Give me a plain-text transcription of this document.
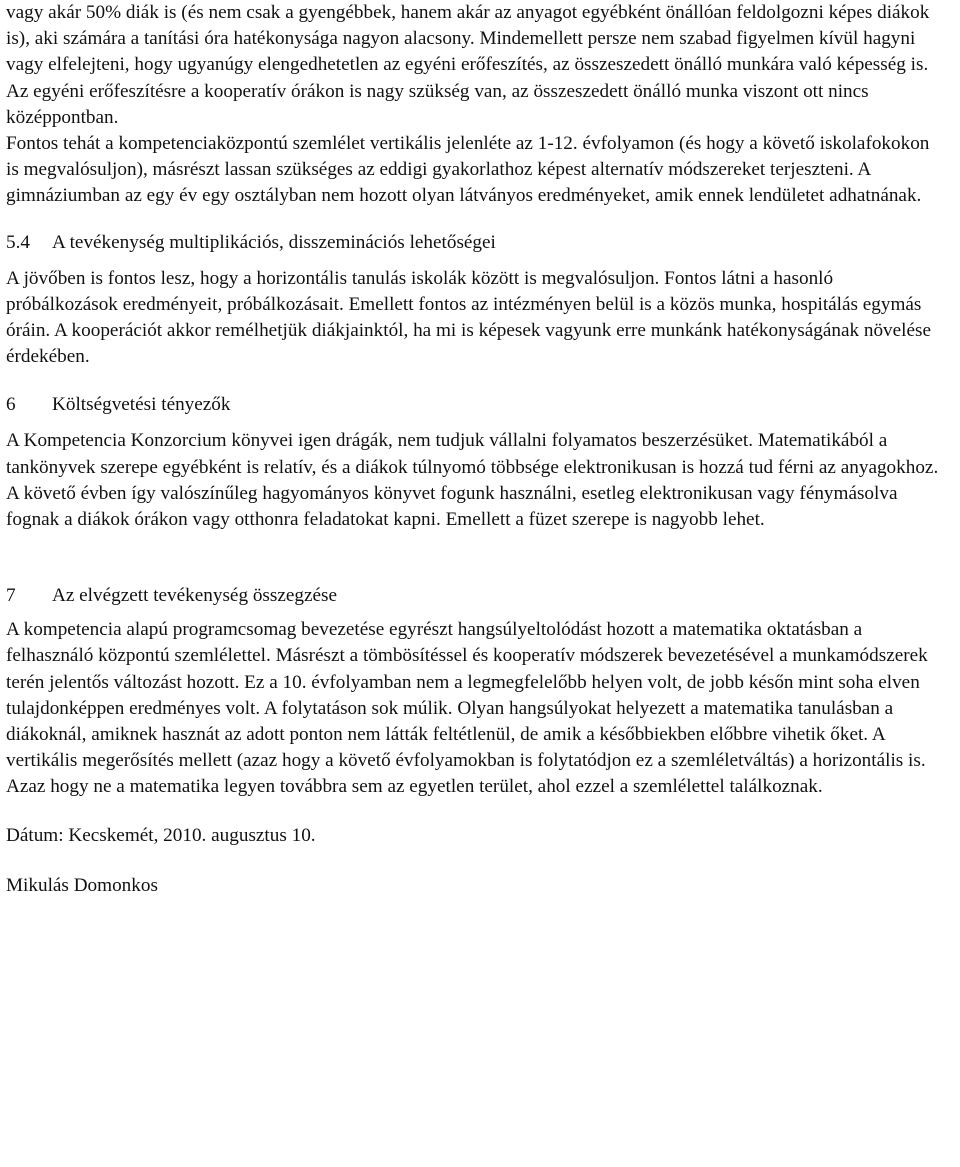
vagy akár 50% diák is (és nem csak a gyengébbek, hanem akár az anyagot egyébként önállóan feldolgozni képes diákok is), aki számára a tanítási óra hatékonysága nagyon alacsony. Mindemellett persze nem szabad figyelmen kívül hagyni vagy elfelejteni, hogy ugyanúgy elengedhetetlen az egyéni erőfeszítés, az összeszedett önálló munkára való képesség is. Az egyéni erőfeszítésre a kooperatív órákon is nagy szükség van, az összeszedett önálló munka viszont ott nincs középpontban.

Fontos tehát a kompetenciaközpontú szemlélet vertikális jelenléte az 1-12. évfolyamon (és hogy a követő iskolafokokon is megvalósuljon), másrészt lassan szükséges az eddigi gyakorlathoz képest alternatív módszereket terjeszteni. A gimnáziumban az egy év egy osztályban nem hozott olyan látványos eredményeket, amik ennek lendületet adhatnának.

5.4	A tevékenység multiplikációs, disszeminációs lehetőségei

A jövőben is fontos lesz, hogy a horizontális tanulás iskolák között is megvalósuljon. Fontos látni a hasonló próbálkozások eredményeit, próbálkozásait. Emellett fontos az intézményen belül is a közös munka, hospitálás egymás óráin. A kooperációt akkor remélhetjük diákjainktól, ha mi is képesek vagyunk erre munkánk hatékonyságának növelése érdekében.

6	Költségvetési tényezők

A Kompetencia Konzorcium könyvei igen drágák, nem tudjuk vállalni folyamatos beszerzésüket. Matematikából a tankönyvek szerepe egyébként is relatív, és a diákok túlnyomó többsége elektronikusan is hozzá tud férni az anyagokhoz. A követő évben így valószínűleg hagyományos könyvet fogunk használni, esetleg elektronikusan vagy fénymásolva fognak a diákok órákon vagy otthonra feladatokat kapni. Emellett a füzet szerepe is nagyobb lehet.

7	Az elvégzett tevékenység összegzése

A kompetencia alapú programcsomag bevezetése egyrészt hangsúlyeltolódást hozott a matematika oktatásban a felhasználó központú szemlélettel. Másrészt a tömbösítéssel és kooperatív módszerek bevezetésével a munkamódszerek terén jelentős változást hozott. Ez a 10. évfolyamban nem a legmegfelelőbb helyen volt, de jobb későn mint soha elven tulajdonképpen eredményes volt. A folytatáson sok múlik. Olyan hangsúlyokat helyezett a matematika tanulásban a diákoknál, amiknek hasznát az adott ponton nem látták feltétlenül, de amik a későbbiekben előbbre vihetik őket. A vertikális megerősítés mellett (azaz hogy a követő évfolyamokban is folytatódjon ez a szemléletváltás) a horizontális is. Azaz hogy ne a matematika legyen továbbra sem az egyetlen terület, ahol ezzel a szemlélettel találkoznak.

Dátum: Kecskemét, 2010. augusztus 10.

Mikulás Domonkos
